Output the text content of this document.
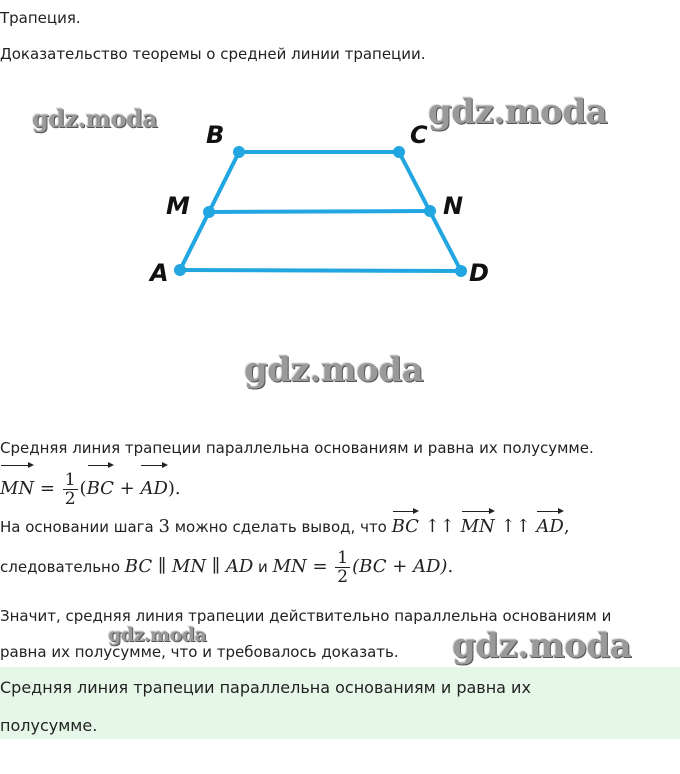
Трапеция.
Доказательство теоремы о средней линии трапеции.
gdz.moda	gdz.moda
gdz.moda
gdz.moda	gdz.moda
B	C
M	N
A	D
Средняя линия трапеции параллельна основаниям и равна их полусумме.
MN = $\frac{1}{2} (BC + AD)$.
На основании шага 3 можно сделать вывод, что BC ↑↑ MN ↑↑ AD,
следовательно BC ∥ MN ∥ AD и MN = $\frac{1}{2} (BC + AD)$.
Значит, средняя линия трапеции действительно параллельна основаниям и
равна их полусумме, что и требовалось доказать.
Средняя линия трапеции параллельна основаниям и равна их
полусумме.
